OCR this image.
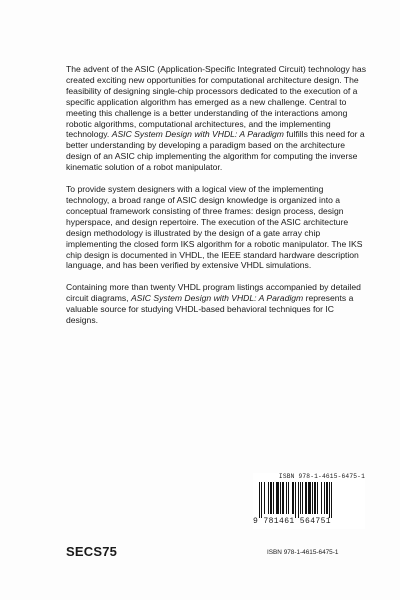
The advent of the ASIC (Application-Specific Integrated Circuit) technology has created exciting new opportunities for computational architecture design. The feasibility of designing single-chip processors dedicated to the execution of a specific application algorithm has emerged as a new challenge. Central to meeting this challenge is a better understanding of the interactions among robotic algorithms, computational architectures, and the implementing technology. ASIC System Design with VHDL: A Paradigm fulfills this need for a better understanding by developing a paradigm based on the architecture design of an ASIC chip implementing the algorithm for computing the inverse kinematic solution of a robot manipulator.

To provide system designers with a logical view of the implementing technology, a broad range of ASIC design knowledge is organized into a conceptual framework consisting of three frames: design process, design hyperspace, and design repertoire. The execution of the ASIC architecture design methodology is illustrated by the design of a gate array chip implementing the closed form IKS algorithm for a robotic manipulator. The IKS chip design is documented in VHDL, the IEEE standard hardware description language, and has been verified by extensive VHDL simulations.

Containing more than twenty VHDL program listings accompanied by detailed circuit diagrams, ASIC System Design with VHDL: A Paradigm represents a valuable source for studying VHDL-based behavioral techniques for IC designs.

ISBN 978-1-4615-6475-1
9 781461 564751
SECS75	ISBN 978-1-4615-6475-1
